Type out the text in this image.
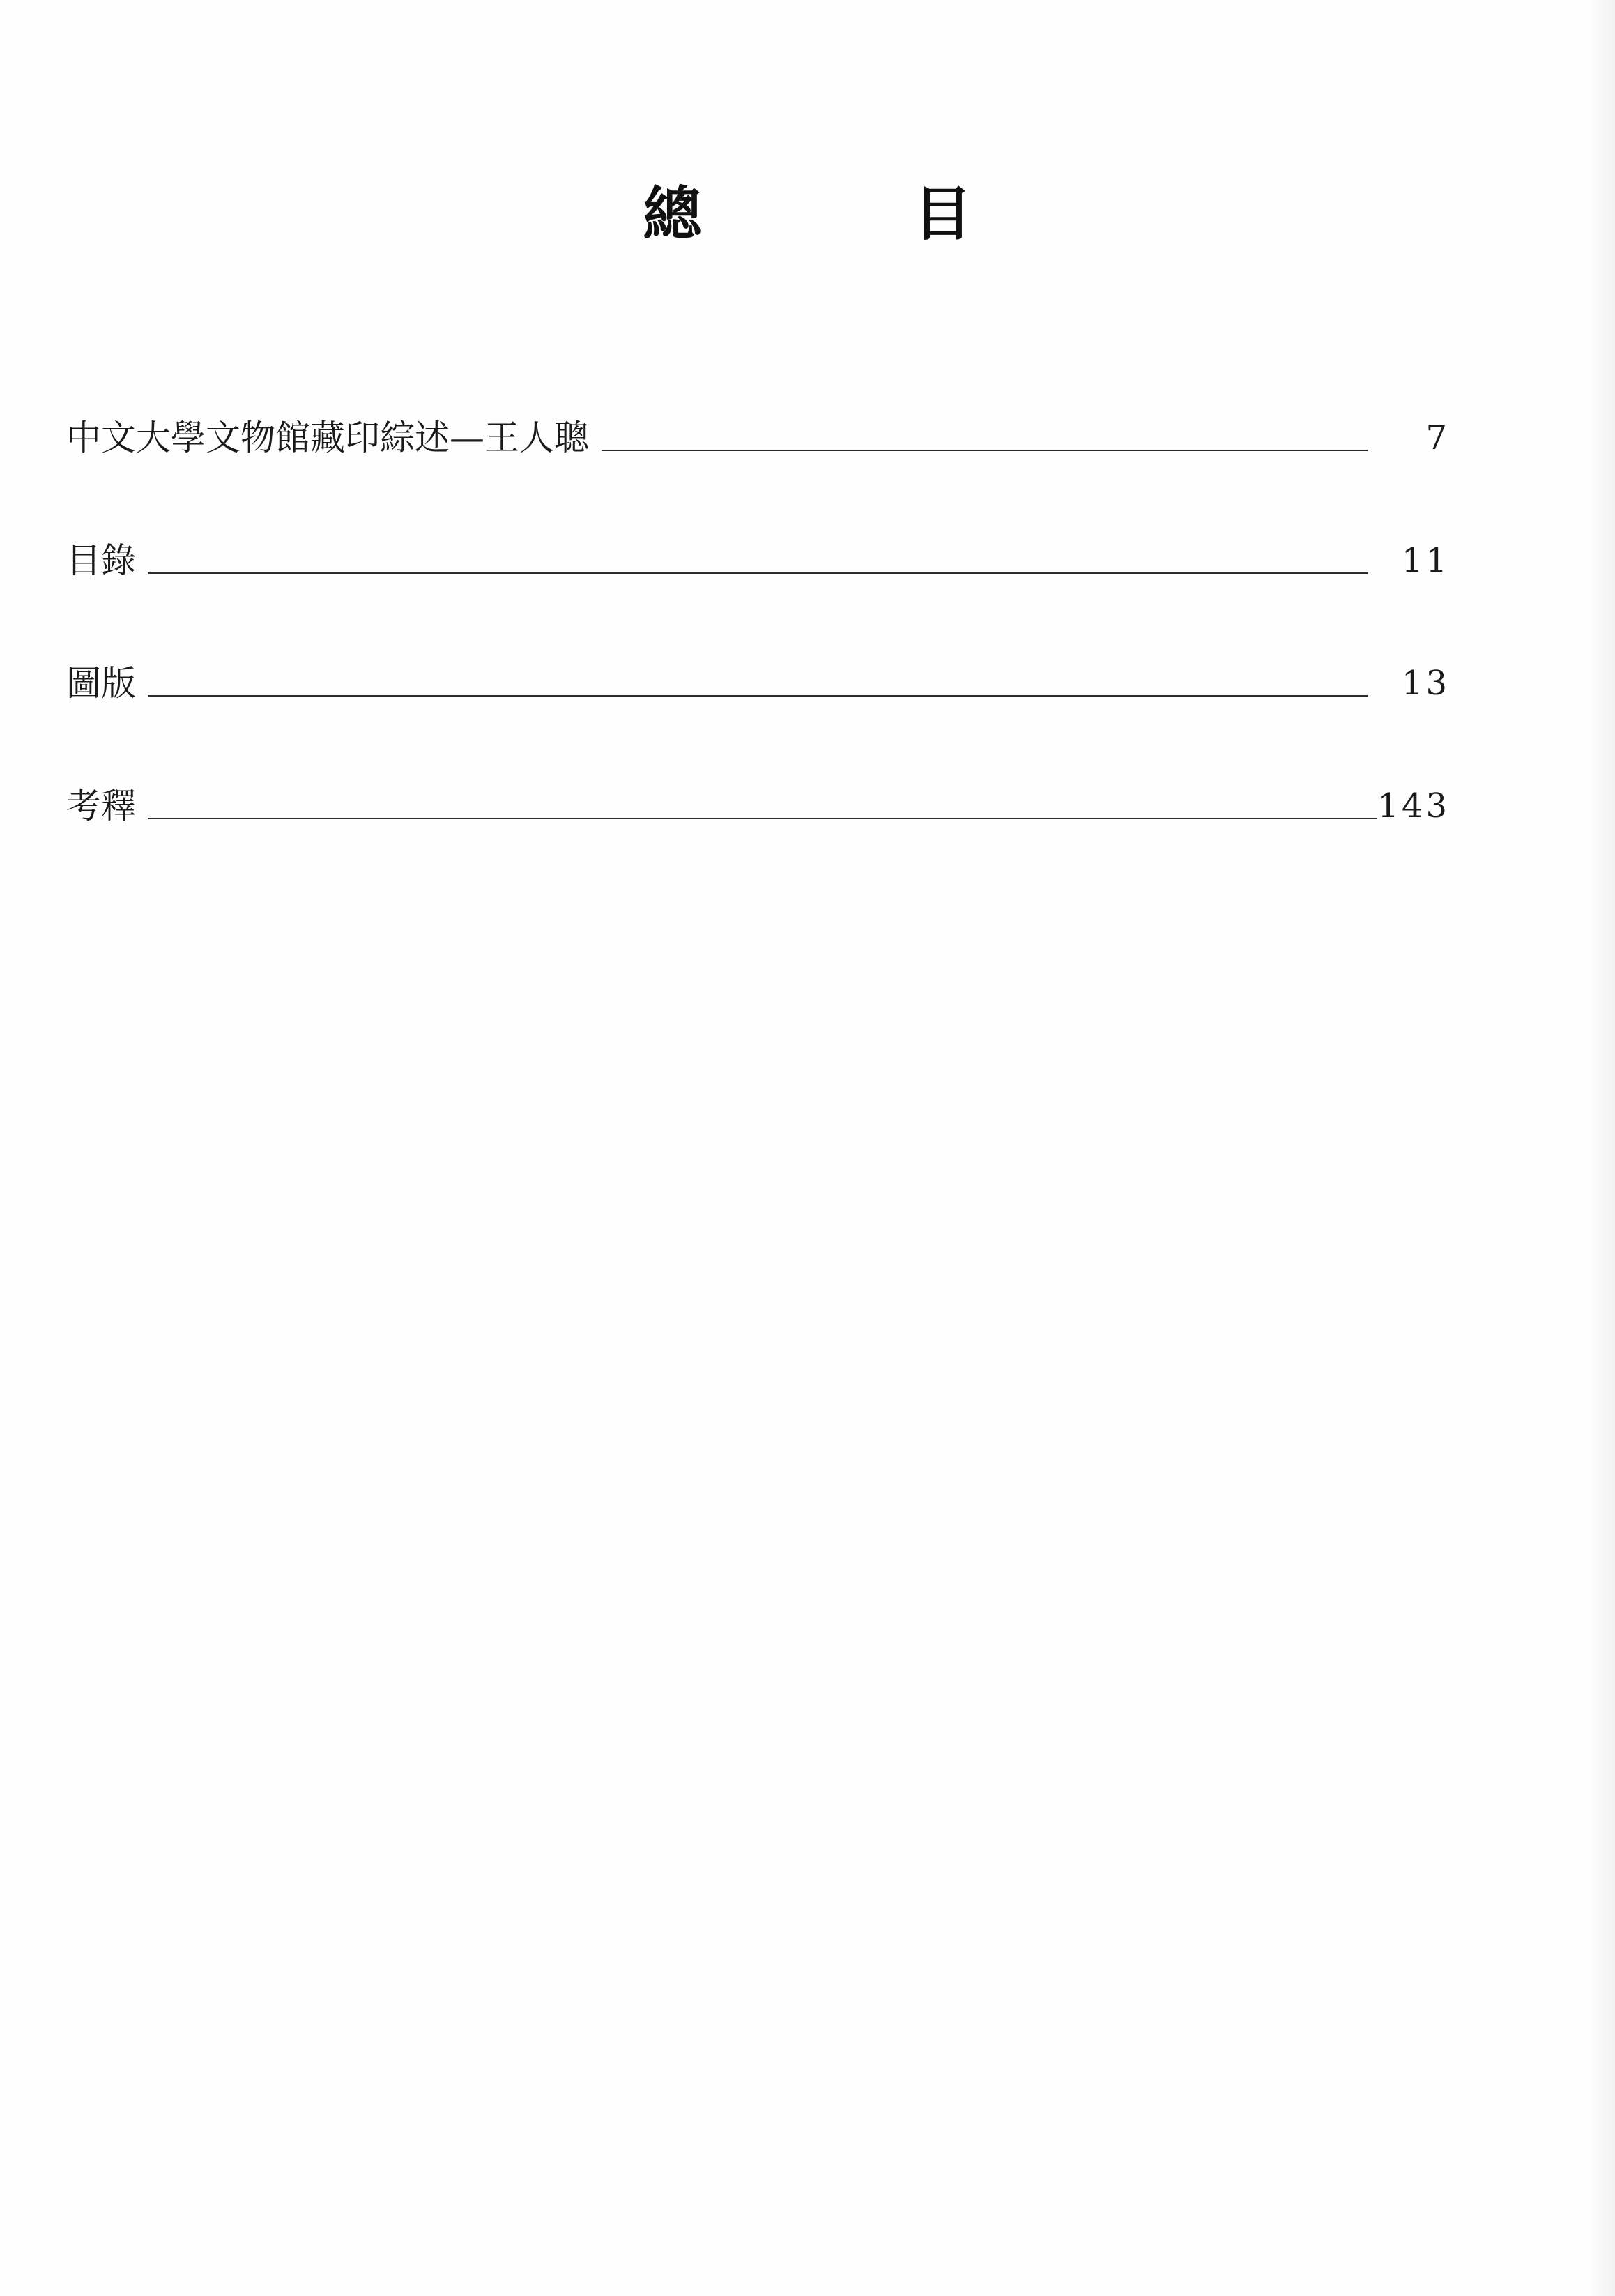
總　目
中文大學文物館藏印綜述—王人聰	7
目錄	11
圖版	13
考釋	143
